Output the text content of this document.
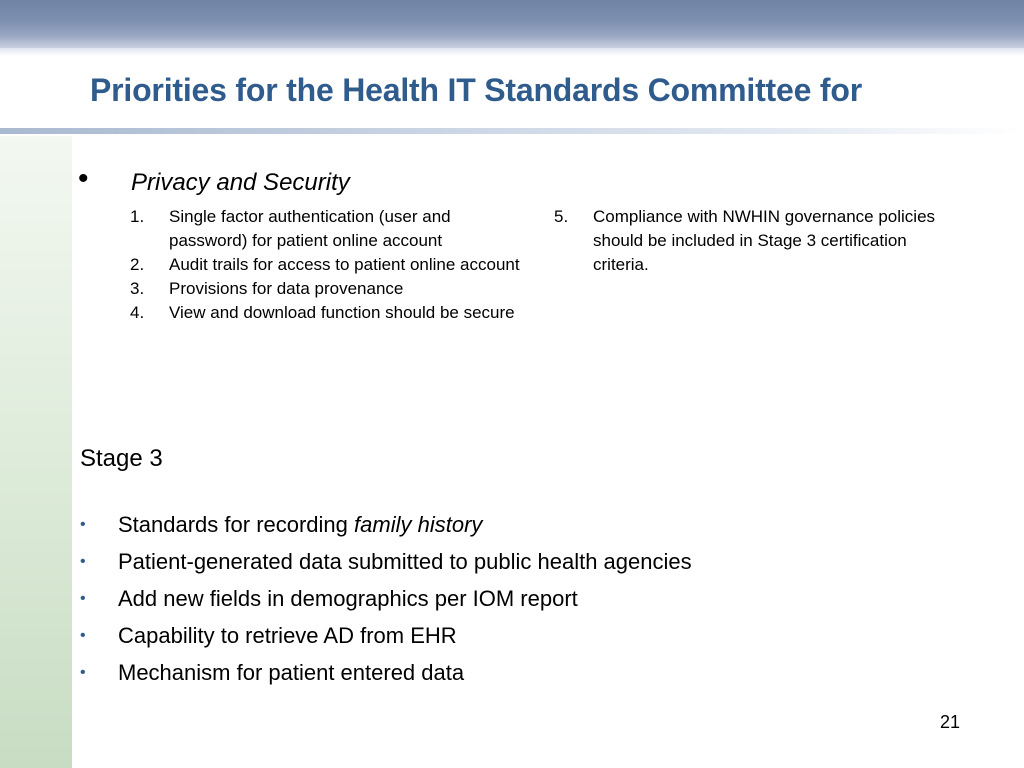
Priorities for the Health IT Standards Committee for
• Privacy and Security
1. Single factor authentication (user and password) for patient online account
2. Audit trails for access to patient online account
3. Provisions for data provenance
4. View and download function should be secure
5. Compliance with NWHIN governance policies should be included in Stage 3 certification criteria.
Stage 3
• Standards for recording family history
• Patient-generated data submitted to public health agencies
• Add new fields in demographics per IOM report
• Capability to retrieve AD from EHR
• Mechanism for patient entered data
21
